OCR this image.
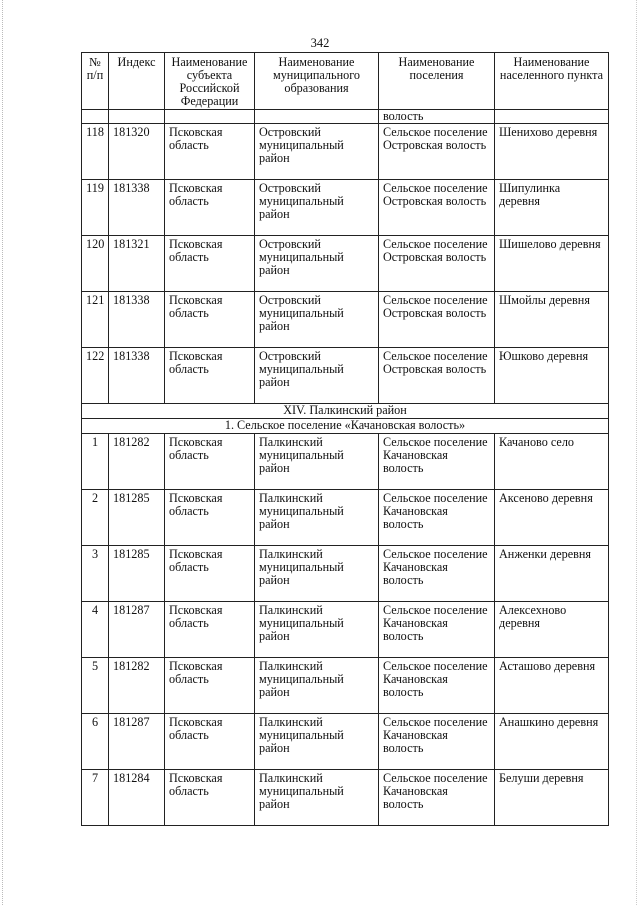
342
№ п/п	Индекс	Наименование субъекта Российской Федерации	Наименование муниципального образования	Наименование поселения	Наименование населенного пункта
				волость	
118	181320	Псковская область	Островский муниципальный район	Сельское поселение Островская волость	Шенихово деревня
119	181338	Псковская область	Островский муниципальный район	Сельское поселение Островская волость	Шипулинка деревня
120	181321	Псковская область	Островский муниципальный район	Сельское поселение Островская волость	Шишелово деревня
121	181338	Псковская область	Островский муниципальный район	Сельское поселение Островская волость	Шмойлы деревня
122	181338	Псковская область	Островский муниципальный район	Сельское поселение Островская волость	Юшково деревня
XIV. Палкинский район					
1. Сельское поселение «Качановская волость»					
1	181282	Псковская область	Палкинский муниципальный район	Сельское поселение Качановская волость	Качаново село
2	181285	Псковская область	Палкинский муниципальный район	Сельское поселение Качановская волость	Аксеново деревня
3	181285	Псковская область	Палкинский муниципальный район	Сельское поселение Качановская волость	Анженки деревня
4	181287	Псковская область	Палкинский муниципальный район	Сельское поселение Качановская волость	Алексехново деревня
5	181282	Псковская область	Палкинский муниципальный район	Сельское поселение Качановская волость	Асташово деревня
6	181287	Псковская область	Палкинский муниципальный район	Сельское поселение Качановская волость	Анашкино деревня
7	181284	Псковская область	Палкинский муниципальный район	Сельское поселение Качановская волость	Белуши деревня
